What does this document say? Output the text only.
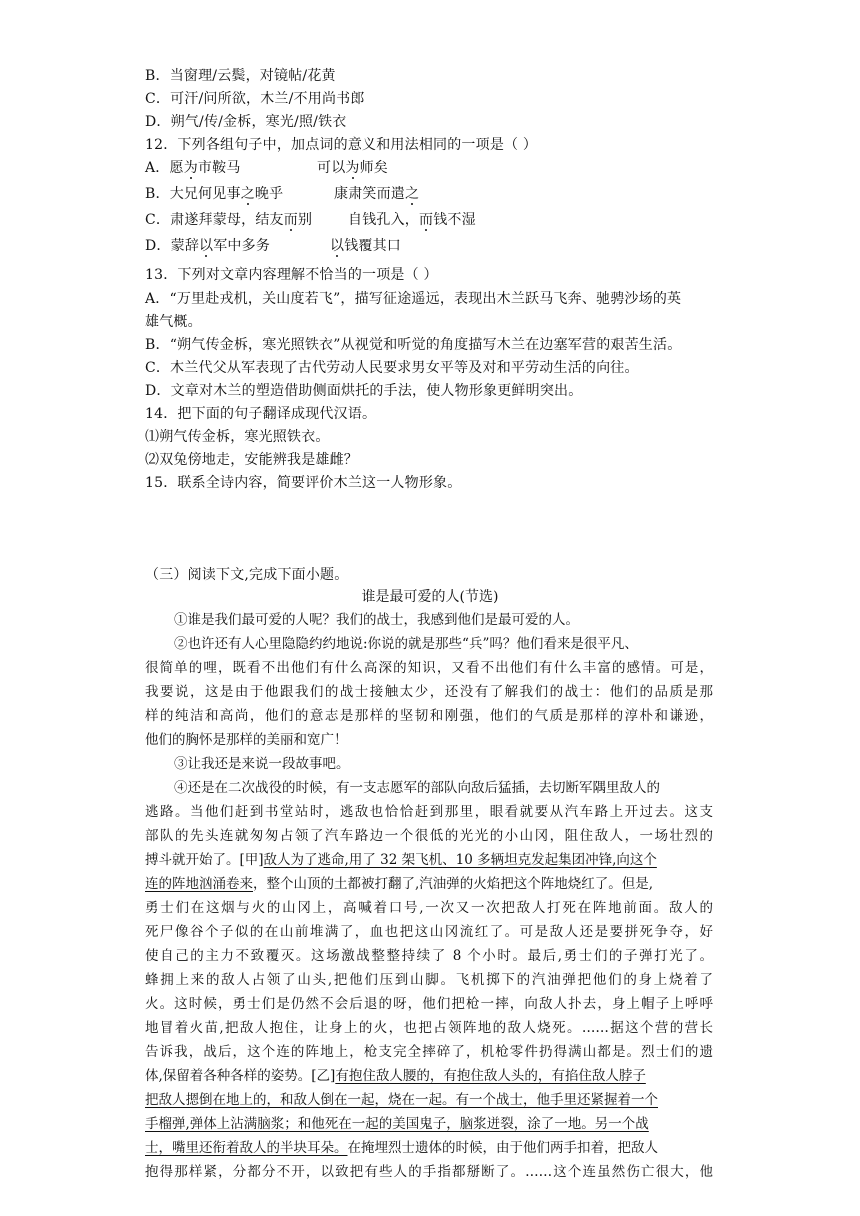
B．当窗理/云鬓，对镜帖/花黄
C．可汗/问所欲，木兰/不用尚书郎
D．朔气/传/金柝，寒光/照/铁衣
12．下列各组句子中，加点词的意义和用法相同的一项是（ ）
A．愿为市鞍马	可以为师矣
B．大兄何见事之晚乎	康肃笑而遣之
C．肃遂拜蒙母，结友而别	自钱孔入，而钱不湿
D．蒙辞以军中多务	以钱覆其口
13．下列对文章内容理解不恰当的一项是（ ）
A．“万里赴戎机，关山度若飞”，描写征途遥远，表现出木兰跃马飞奔、驰骋沙场的英
雄气概。
B．“朔气传金柝，寒光照铁衣”从视觉和听觉的角度描写木兰在边塞军营的艰苦生活。
C．木兰代父从军表现了古代劳动人民要求男女平等及对和平劳动生活的向往。
D．文章对木兰的塑造借助侧面烘托的手法，使人物形象更鲜明突出。
14．把下面的句子翻译成现代汉语。
⑴朔气传金柝，寒光照铁衣。
⑵双兔傍地走，安能辨我是雄雌？
15．联系全诗内容，简要评价木兰这一人物形象。
（三）阅读下文,完成下面小题。
谁是最可爱的人(节选)
①谁是我们最可爱的人呢？我们的战士，我感到他们是最可爱的人。
②也许还有人心里隐隐约约地说:你说的就是那些“兵”吗？他们看来是很平凡、
很简单的哩，既看不出他们有什么高深的知识，又看不出他们有什么丰富的感情。可是，
我要说，这是由于他跟我们的战士接触太少，还没有了解我们的战士：他们的品质是那
样的纯洁和高尚，他们的意志是那样的坚韧和刚强，他们的气质是那样的淳朴和谦逊，
他们的胸怀是那样的美丽和宽广！
③让我还是来说一段故事吧。
④还是在二次战役的时候，有一支志愿军的部队向敌后猛插，去切断军隅里敌人的
逃路。当他们赶到书堂站时，逃敌也恰恰赶到那里，眼看就要从汽车路上开过去。这支
部队的先头连就匆匆占领了汽车路边一个很低的光光的小山冈，阻住敌人，一场壮烈的
搏斗就开始了。[甲]敌人为了逃命,用了 32 架飞机、10 多辆坦克发起集团冲锋,向这个
连的阵地汹涌卷来，整个山顶的土都被打翻了,汽油弹的火焰把这个阵地烧红了。但是,
勇士们在这烟与火的山冈上，高喊着口号,一次又一次把敌人打死在阵地前面。敌人的
死尸像谷个子似的在山前堆满了，血也把这山冈流红了。可是敌人还是要拼死争夺，好
使自己的主力不致覆灭。这场激战整整持续了 8 个小时。最后,勇士们的子弹打光了。
蜂拥上来的敌人占领了山头,把他们压到山脚。飞机掷下的汽油弹把他们的身上烧着了
火。这时候，勇士们是仍然不会后退的呀，他们把枪一摔，向敌人扑去，身上帽子上呼呼
地冒着火苗,把敌人抱住，让身上的火，也把占领阵地的敌人烧死。……据这个营的营长
告诉我，战后，这个连的阵地上，枪支完全摔碎了，机枪零件扔得满山都是。烈士们的遗
体,保留着各种各样的姿势。[乙]有抱住敌人腰的，有抱住敌人头的，有掐住敌人脖子
把敌人摁倒在地上的，和敌人倒在一起，烧在一起。有一个战士，他手里还紧握着一个
手榴弹,弹体上沾满脑浆；和他死在一起的美国鬼子，脑浆迸裂，涂了一地。另一个战
士，嘴里还衔着敌人的半块耳朵。在掩埋烈士遗体的时候，由于他们两手扣着，把敌人
抱得那样紧，分都分不开，以致把有些人的手指都掰断了。……这个连虽然伤亡很大，他
